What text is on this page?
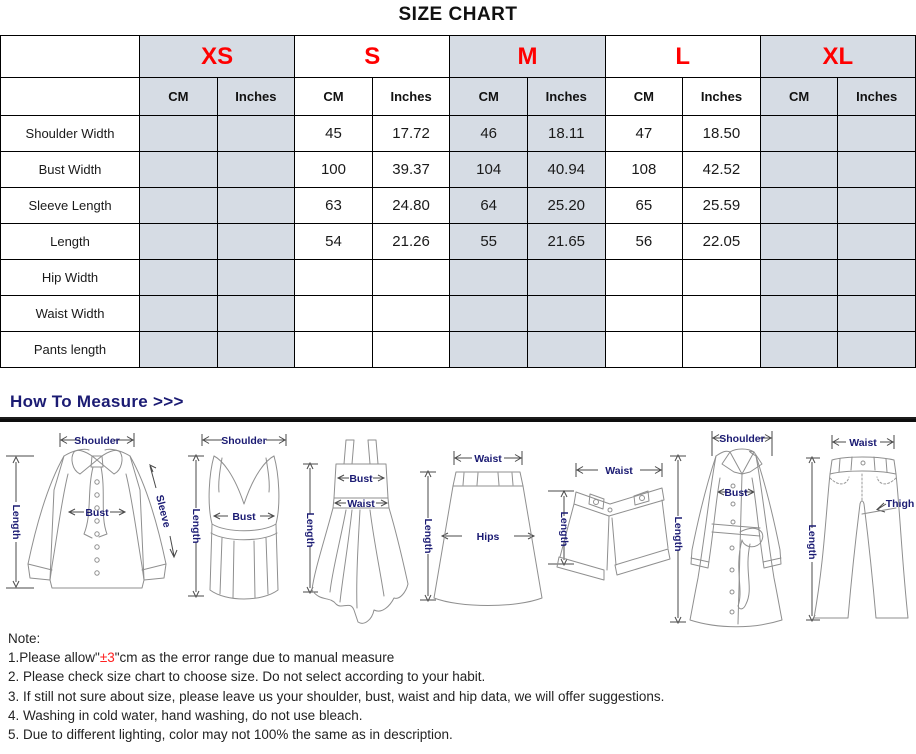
SIZE CHART
	XS		S		M		L		XL	
	CM	Inches	CM	Inches	CM	Inches	CM	Inches	CM	Inches
Shoulder Width			45	17.72	46	18.11	47	18.50		
Bust Width			100	39.37	104	40.94	108	42.52		
Sleeve Length			63	24.80	64	25.20	65	25.59		
Length			54	21.26	55	21.65	56	22.05		
Hip Width										
Waist Width										
Pants length										
How To Measure >>>
Shoulder
Length	Bust	Sleeve
Shoulder
Length	Bust
Bust
Waist
Length
Waist
Hips
Length
Waist
Length
Shoulder
Bust
Length
Waist
Thigh
Length
Note:
1.Please allow"±3"cm as the error range due to manual measure
2. Please check size chart to choose size. Do not select according to your habit.
3. If still not sure about size, please leave us your shoulder, bust, waist and hip data, we will offer suggestions.
4. Washing in cold water, hand washing, do not use bleach.
5. Due to different lighting, color may not 100% the same as in description.
